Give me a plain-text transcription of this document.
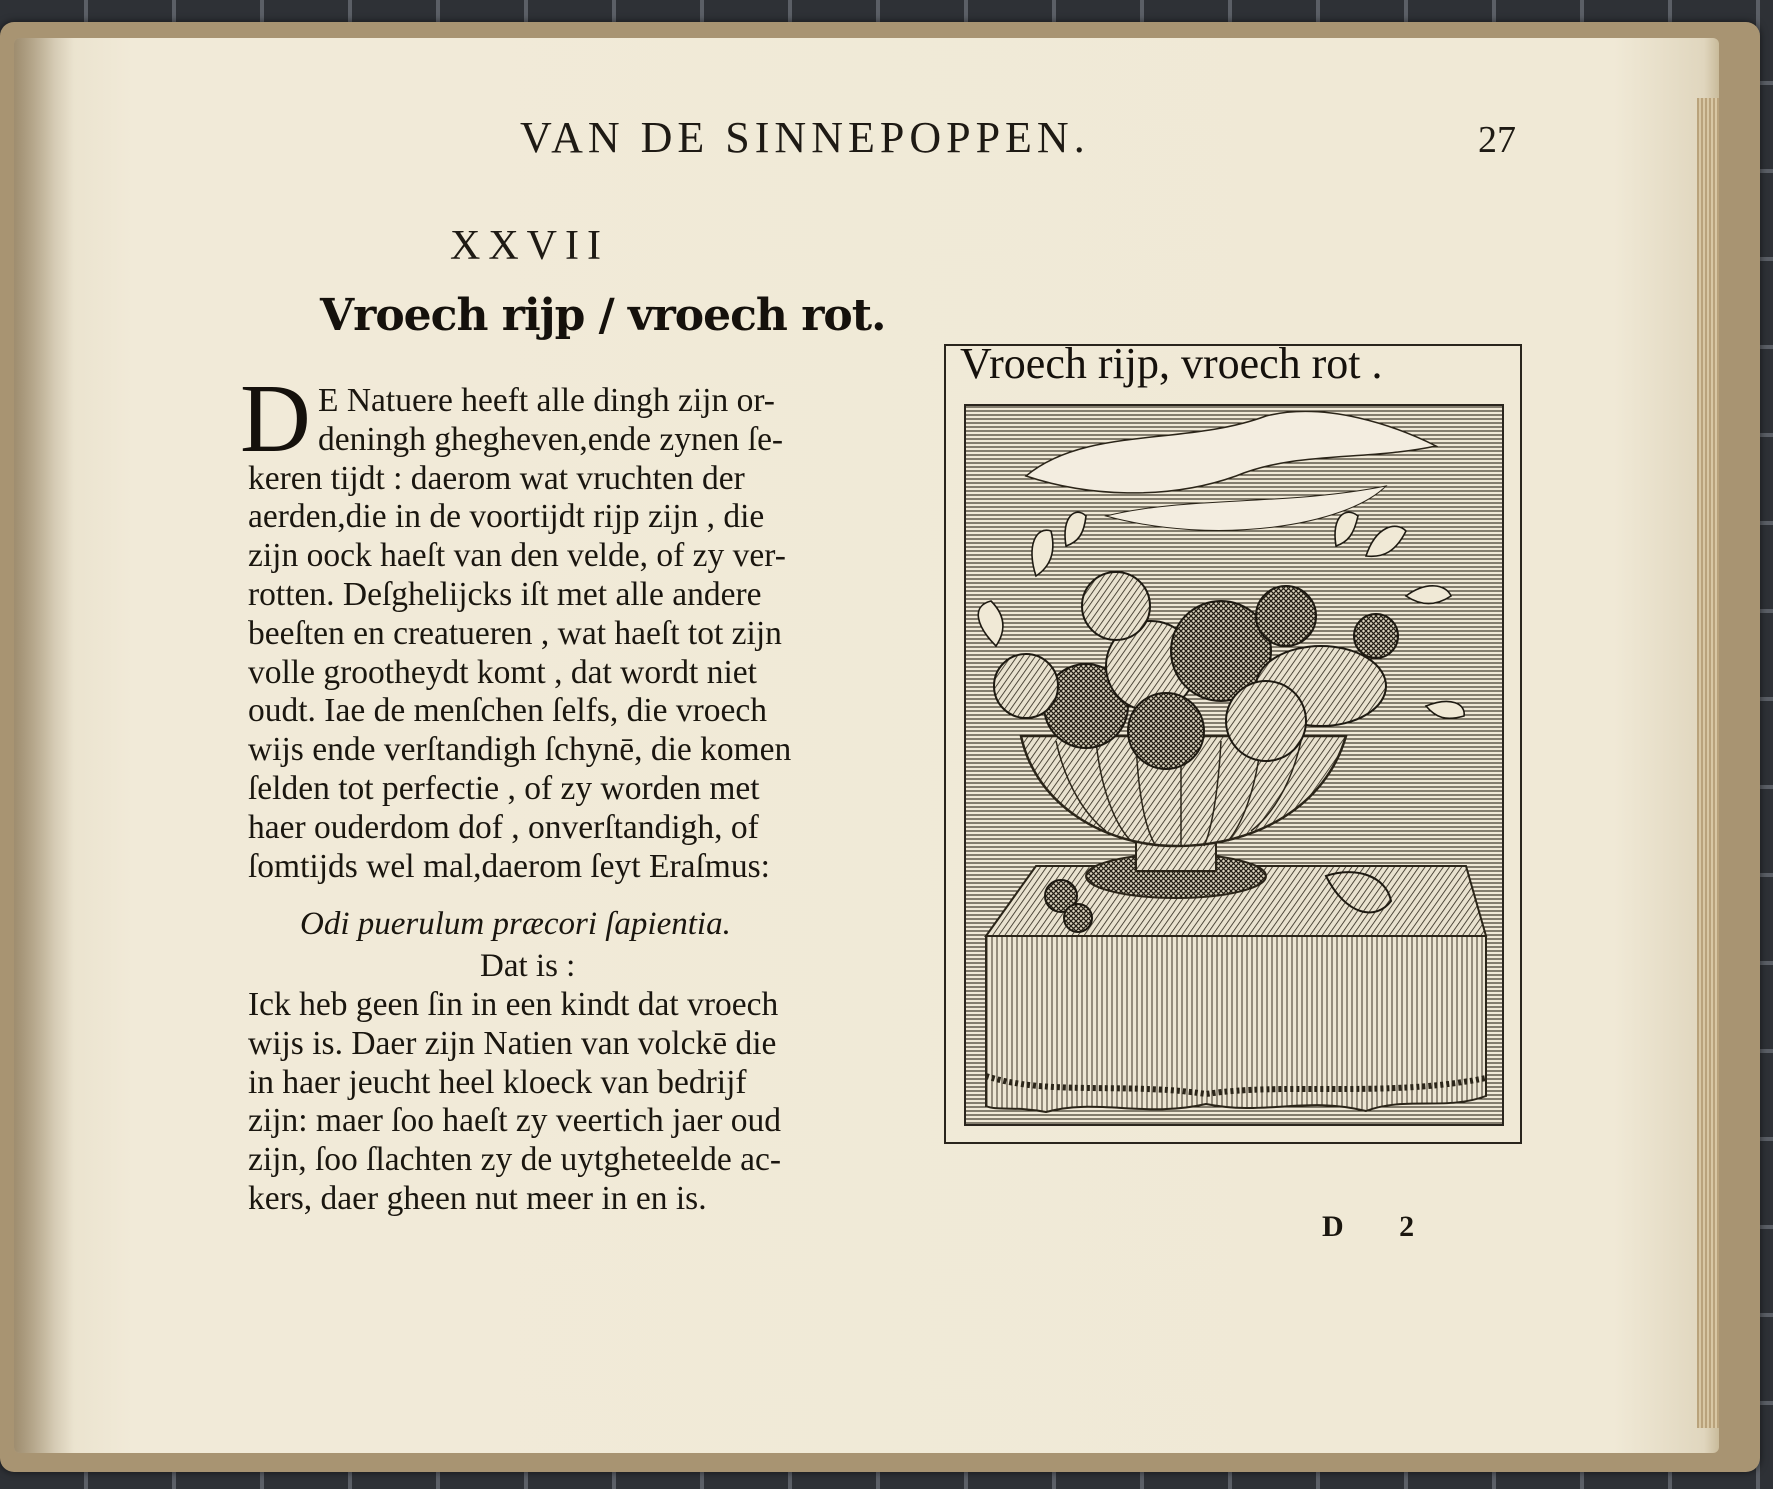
VAN DE SINNEPOPPEN.	27
XXVII
Vroech rijp / vroech rot.
D E Natuere heeft alle dingh zijn or-
deningh ghegheven,ende zynen ſe-
keren tijdt : daerom wat vruchten der
aerden,die in de voortijdt rijp zijn , die
zijn oock haeſt van den velde, of zy ver-
rotten. Deſghelijcks iſt met alle andere
beeſten en creatueren , wat haeſt tot zijn
volle grootheydt komt , dat wordt niet
oudt. Iae de menſchen ſelfs, die vroech
wijs ende verſtandigh ſchynē, die komen
ſelden tot perfectie , of zy worden met
haer ouderdom dof , onverſtandigh, of
ſomtijds wel mal,daerom ſeyt Eraſmus:
Odi puerulum præcori ſapientia.
Dat is :
Ick heb geen ſin in een kindt dat vroech
wijs is. Daer zijn Natien van volckē die
in haer jeucht heel kloeck van bedrijf
zijn: maer ſoo haeſt zy veertich jaer oud
zijn, ſoo ſlachten zy de uytgheteelde ac-
kers, daer gheen nut meer in en is.
Vroech rijp, vroech rot .
D 2
